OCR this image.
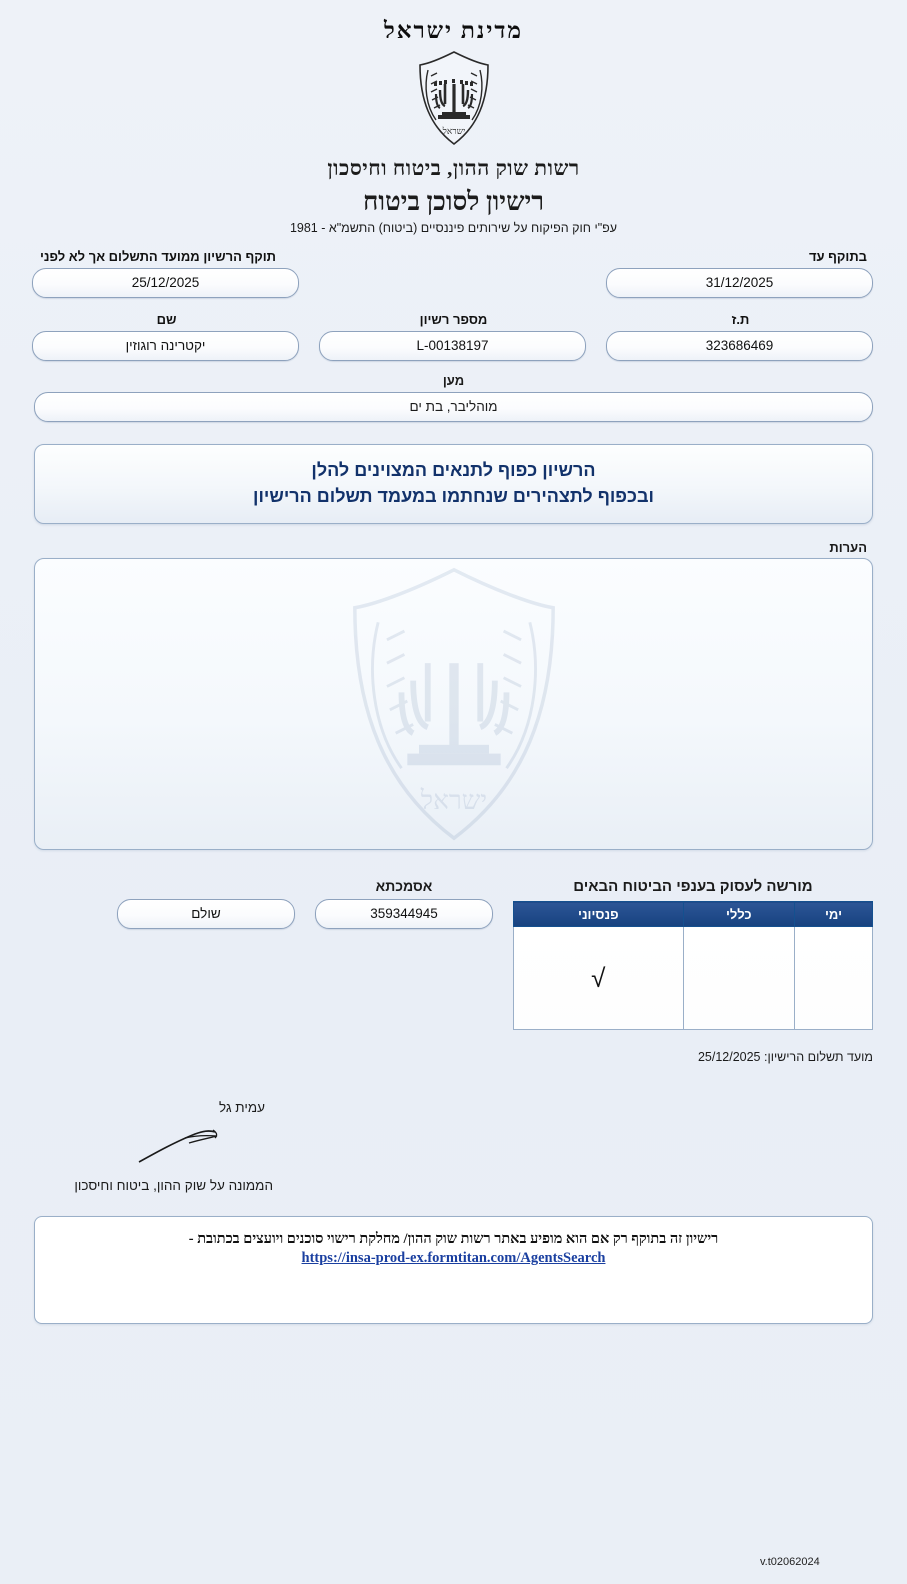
מדינת ישראל
ישראל
רשות שוק ההון, ביטוח וחיסכון
רישיון לסוכן ביטוח
עפ"י חוק הפיקוח על שירותים פיננסיים (ביטוח) התשמ"א - 1981
בתוקף עד
31/12/2025
תוקף הרשיון ממועד התשלום אך לא לפני
25/12/2025
ת.ז
323686469
מספר רשיון
L-00138197
שם
יקטרינה רוגוזין
מען
מוהליבר, בת ים
הרשיון כפוף לתנאים המצוינים להלן
ובכפוף לתצהירים שנחתמו במעמד תשלום הרישיון
הערות
ישראל
מורשה לעסוק בענפי הביטוח הבאים
ימי	כללי	פנסיוני
		√
אסמכתא
359344945

שולם
מועד תשלום הרישיון: 25/12/2025
עמית גל
הממונה על שוק ההון, ביטוח וחיסכון
רישיון זה בתוקף רק אם הוא מופיע באתר רשות שוק ההון/ מחלקת רישוי סוכנים ויועצים בכתובת -
https://insa-prod-ex.formtitan.com/AgentsSearch
v.t02062024
